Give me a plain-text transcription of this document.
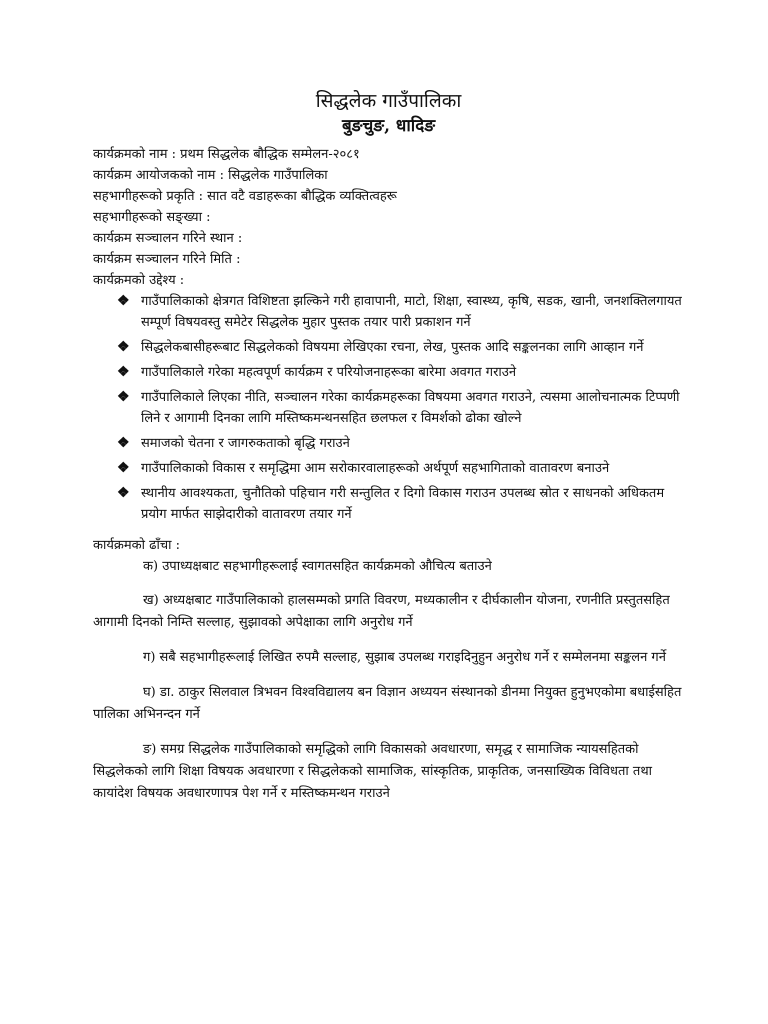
सिद्धलेक गाउँपालिका
बुङचुङ, धादिङ
कार्यक्रमको नाम : प्रथम सिद्धलेक बौद्धिक सम्मेलन-२०८१
कार्यक्रम आयोजकको नाम : सिद्धलेक गाउँपालिका
सहभागीहरूको प्रकृति : सात वटै वडाहरूका बौद्धिक व्यक्तित्वहरू
सहभागीहरूको सङ्ख्या :
कार्यक्रम सञ्चालन गरिने स्थान :
कार्यक्रम सञ्चालन गरिने मिति :
कार्यक्रमको उद्देश्य :
❖ गाउँपालिकाको क्षेत्रगत विशिष्टता झल्किने गरी हावापानी, माटो, शिक्षा, स्वास्थ्य, कृषि, सडक, खानी, जनशक्तिलगायत सम्पूर्ण विषयवस्तु समेटेर सिद्धलेक मुहार पुस्तक तयार पारी प्रकाशन गर्ने
❖ सिद्धलेकबासीहरूबाट सिद्धलेकको विषयमा लेखिएका रचना, लेख, पुस्तक आदि सङ्कलनका लागि आव्हान गर्ने
❖ गाउँपालिकाले गरेका महत्वपूर्ण कार्यक्रम र परियोजनाहरूका बारेमा अवगत गराउने
❖ गाउँपालिकाले लिएका नीति, सञ्चालन गरेका कार्यक्रमहरूका विषयमा अवगत गराउने, त्यसमा आलोचनात्मक टिप्पणी लिने र आगामी दिनका लागि मस्तिष्कमन्थनसहित छलफल र विमर्शको ढोका खोल्ने
❖ समाजको चेतना र जागरुकताको बृद्धि गराउने
❖ गाउँपालिकाको विकास र समृद्धिमा आम सरोकारवालाहरूको अर्थपूर्ण सहभागिताको वातावरण बनाउने
❖ स्थानीय आवश्यकता, चुनौतिको पहिचान गरी सन्तुलित र दिगो विकास गराउन उपलब्ध स्रोत र साधनको अधिकतम प्रयोग मार्फत साझेदारीको वातावरण तयार गर्ने
कार्यक्रमको ढाँचा :
क) उपाध्यक्षबाट सहभागीहरूलाई स्वागतसहित कार्यक्रमको औचित्य बताउने

ख) अध्यक्षबाट गाउँपालिकाको हालसम्मको प्रगति विवरण, मध्यकालीन र दीर्घकालीन योजना, रणनीति प्रस्तुतसहित आगामी दिनको निम्ति सल्लाह, सुझावको अपेक्षाका लागि अनुरोध गर्ने

ग) सबै सहभागीहरूलाई लिखित रुपमै सल्लाह, सुझाब उपलब्ध गराइदिनुहुन अनुरोध गर्ने र सम्मेलनमा सङ्कलन गर्ने

घ) डा. ठाकुर सिलवाल त्रिभवन विश्वविद्यालय बन विज्ञान अध्ययन संस्थानको डीनमा नियुक्त हुनुभएकोमा बधाईसहित पालिका अभिनन्दन गर्ने

ङ) समग्र सिद्धलेक गाउँपालिकाको समृद्धिको लागि विकासको अवधारणा, समृद्ध र सामाजिक न्यायसहितको सिद्धलेकको लागि शिक्षा विषयक अवधारणा र सिद्धलेकको सामाजिक, सांस्कृतिक, प्राकृतिक, जनसाख्यिक विविधता तथा कायांदेश विषयक अवधारणापत्र पेश गर्ने र मस्तिष्कमन्थन गराउने
